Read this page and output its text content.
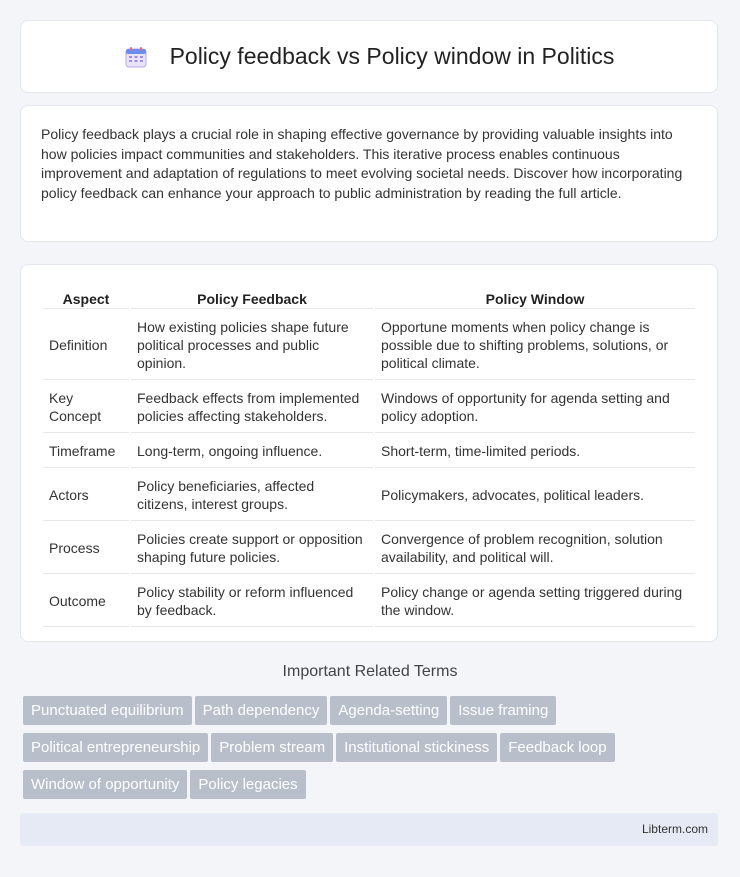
Policy feedback vs Policy window in Politics

Policy feedback plays a crucial role in shaping effective governance by providing valuable insights into how policies impact communities and stakeholders. This iterative process enables continuous improvement and adaptation of regulations to meet evolving societal needs. Discover how incorporating policy feedback can enhance your approach to public administration by reading the full article.

Aspect	Policy Feedback	Policy Window
Definition	How existing policies shape future political processes and public opinion.	Opportune moments when policy change is possible due to shifting problems, solutions, or political climate.
Key Concept	Feedback effects from implemented policies affecting stakeholders.	Windows of opportunity for agenda setting and policy adoption.
Timeframe	Long-term, ongoing influence.	Short-term, time-limited periods.
Actors	Policy beneficiaries, affected citizens, interest groups.	Policymakers, advocates, political leaders.
Process	Policies create support or opposition shaping future policies.	Convergence of problem recognition, solution availability, and political will.
Outcome	Policy stability or reform influenced by feedback.	Policy change or agenda setting triggered during the window.
Important Related Terms
Punctuated equilibrium Path dependency Agenda-setting Issue framing
Political entrepreneurship Problem stream Institutional stickiness Feedback loop
Window of opportunity Policy legacies
Libterm.com
